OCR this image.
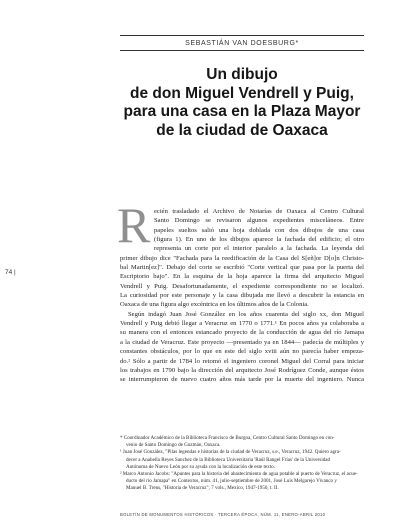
SEBASTIÁN VAN DOESBURG*
Un dibujo
de don Miguel Vendrell y Puig,
para una casa en la Plaza Mayor
de la ciudad de Oaxaca
74 |
R ecién trasladado el Archivo de Notarías de Oaxaca al Centro Cultural
Santo Domingo se revisaron algunos expedientes misceláneos. Entre
papeles sueltos salió una hoja doblada con dos dibujos de una casa
(figura 1). En uno de los dibujos aparece la fachada del edificio; el otro
representa un corte por el interior paralelo a la fachada. La leyenda del
primer dibujo dice "Fachada para la reedificación de la Casa del S[eñ]or D[o]n Christo-
bal Martin[ez]". Debajo del corte se escribió "Corte vertical que pasa por la puerta del
Escriptorio bajo". En la esquina de la hoja aparece la firma del arquitecto Miguel
Vendrell y Puig. Desafortunadamente, el expediente correspondiente no se localizó.
La curiosidad por este personaje y la casa dibujada me llevó a descubrir la estancia en
Oaxaca de una figura algo excéntrica en los últimos años de la Colonia.
Según indagó Juan José González en los años cuarenta del siglo xx, don Miguel
Vendrell y Puig debió llegar a Veracruz en 1770 o 1771.¹ En pocos años ya colaboraba a
su manera con el entonces estancado proyecto de la conducción de agua del río Jamapa
a la ciudad de Veracruz. Este proyecto —presentado ya en 1844— padecía de múltiples y
constantes obstáculos, por lo que en este del siglo xviii aún no parecía haber empeza-
do.² Sólo a partir de 1784 lo retomó el ingeniero coronel Miguel del Corral para iniciar
los trabajos en 1790 bajo la dirección del arquitecto José Rodríguez Conde, aunque éstos
se interrumpieron de nuevo cuatro años más tarde por la muerte del ingeniero. Nunca
* Coordinador Académico de la Biblioteca Francisco de Burgoa, Centro Cultural Santo Domingo en con-
venio de Santo Domingo de Guzmán, Oaxaca.
¹ Juan José González, "Pilas legendas e historias de la ciudad de Veracruz, s.e., Veracruz, 1942. Quiero agra-
decer a Anabella Reyes Sanchez de la Biblioteca Universitaria 'Raúl Rangel Frías' de la Universidad
Autónoma de Nuevo León por su ayuda con la localización de este texto.
² Marco Antonio Jacobs: "Apuntes para la historia del abastecimiento de agua potable al puerto de Veracruz, el acue-
ducto del río Jamapa" en Contextos, núm. 41, julio-septiembre de 2001, José Luis Melgarejo Vivanco y
Manuel B. Trens, "Historia de Veracruz", 7 vols., Mexico, 1947-1950, t. II.
BOLETÍN DE MONUMENTOS HISTÓRICOS · TERCERA ÉPOCA, NÚM. 11, ENERO-ABRIL 2010
